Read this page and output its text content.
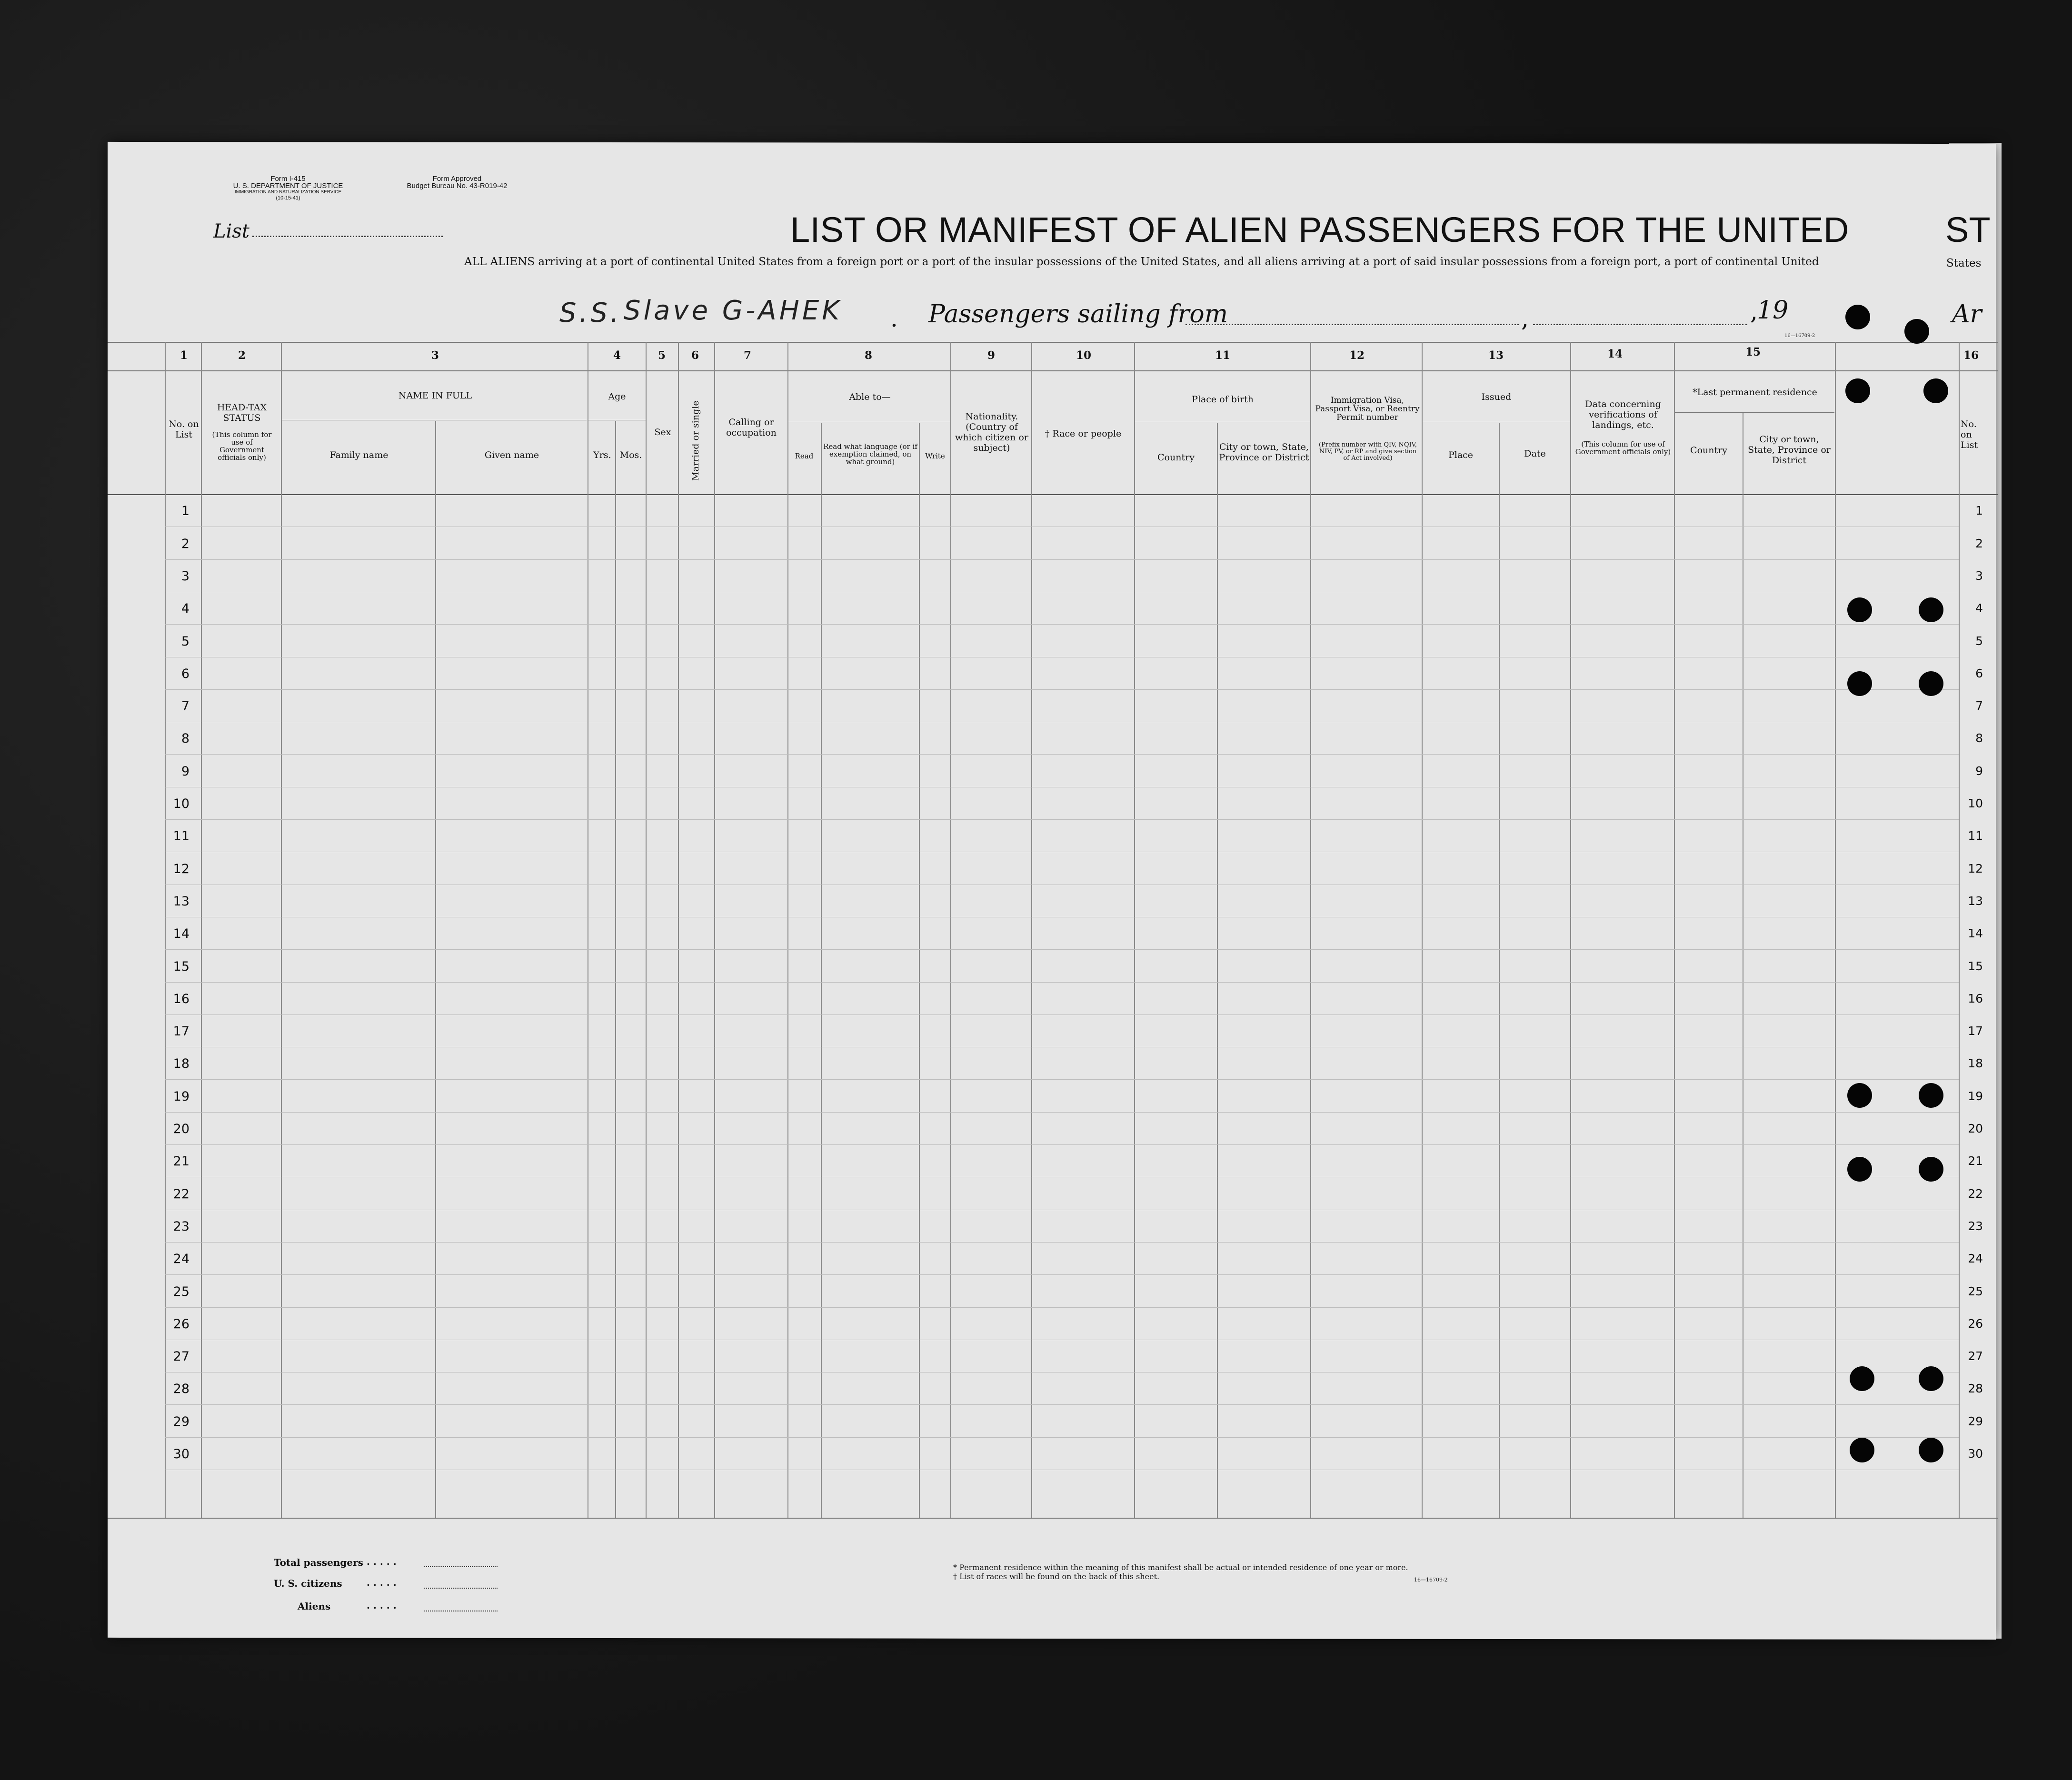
Form I-415
U. S. DEPARTMENT OF JUSTICE
IMMIGRATION AND NATURALIZATION SERVICE
(10-15-41)
Form Approved
Budget Bureau No. 43-R019-42
List	LIST OR MANIFEST OF ALIEN PASSENGERS FOR THE UNITED	ST
ALL ALIENS arriving at a port of continental United States from a foreign port or a port of the insular possessions of the United States, and all aliens arriving at a port of said insular possessions from a foreign port, a port of continental United	States
S.S. Slave G-AHEK . Passengers sailing from	,	,
19	Ar
16—16709-2
1	2	3	4	5	6	7	8	9	10	11	12	13	14	15	16
No. on List
HEAD-TAX STATUS
(This column for use of Government officials only)
NAME IN FULL
Family name	Given name
Age
Yrs. Mos.
Sex	Married or single	Calling or occupation
Able to—
Read
Read what language (or if exemption claimed, on what ground)
Write
Nationality. (Country of which citizen or subject)
† Race or people
Place of birth
Country
City or town, State, Province or District
Immigration Visa, Passport Visa, or Reentry Permit number
(Prefix number with QIV, NQIV, NIV, PV, or RP and give section of Act involved)
Issued
Place	Date
Data concerning verifications of landings, etc.
(This column for use of Government officials only)
*Last permanent residence
Country
City or town, State, Province or District
No. on List
1	1
2	2
3	3
4	4
5	5
6	6
7	7
8	8
9	9
10	10
11	11
12	12
13	13
14	14
15	15
16	16
17	17
18	18
19	19
20	20
21	21
22	22
23	23
24	24
25	25
26	26
27	27
28	28
29	29
30	30
Total passengers . . . . .
U. S. citizens	. . . . .
Aliens	. . . . .
* Permanent residence within the meaning of this manifest shall be actual or intended residence of one year or more.
† List of races will be found on the back of this sheet.	16—16709-2
